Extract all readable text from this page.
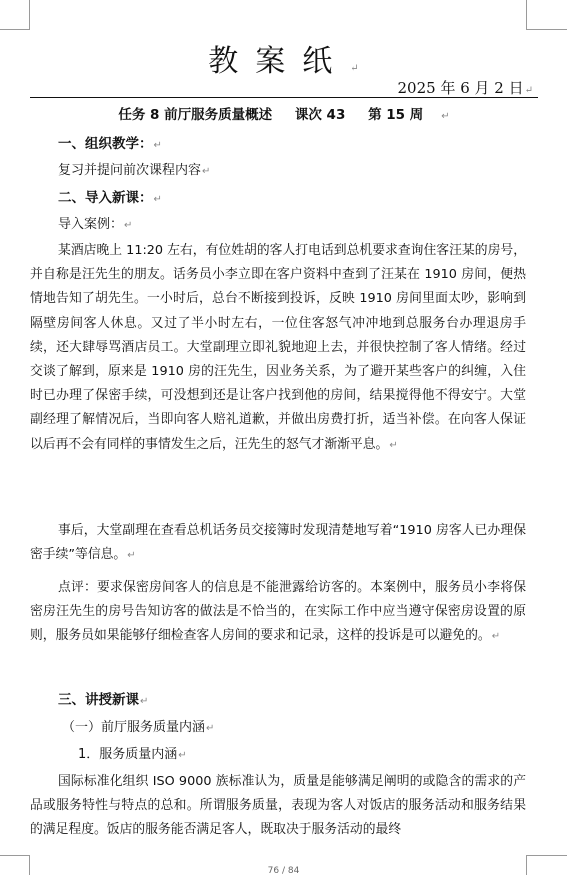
教案纸↵
2025 年 6 月 2 日↵
任务 8 前厅服务质量概述 课次 43 第 15 周 ↵
一、组织教学：↵
复习并提问前次课程内容↵
二、导入新课：↵
导入案例：↵
某酒店晚上 11:20 左右，有位姓胡的客人打电话到总机要求查询住客汪某的房号，并自称是汪先生的朋友。话务员小李立即在客户资料中查到了汪某在 1910 房间，便热情地告知了胡先生。一小时后，总台不断接到投诉，反映 1910 房间里面太吵，影响到隔壁房间客人休息。又过了半小时左右，一位住客怒气冲冲地到总服务台办理退房手续，还大肆辱骂酒店员工。大堂副理立即礼貌地迎上去，并很快控制了客人情绪。经过交谈了解到，原来是 1910 房的汪先生，因业务关系，为了避开某些客户的纠缠，入住时已办理了保密手续，可没想到还是让客户找到他的房间，结果搅得他不得安宁。大堂副经理了解情况后，当即向客人赔礼道歉，并做出房费打折，适当补偿。在向客人保证以后再不会有同样的事情发生之后，汪先生的怒气才渐渐平息。↵
事后，大堂副理在查看总机话务员交接簿时发现清楚地写着“1910 房客人已办理保密手续”等信息。↵
点评：要求保密房间客人的信息是不能泄露给访客的。本案例中，服务员小李将保密房汪先生的房号告知访客的做法是不恰当的，在实际工作中应当遵守保密房设置的原则，服务员如果能够仔细检查客人房间的要求和记录，这样的投诉是可以避免的。↵
三、讲授新课↵
（一）前厅服务质量内涵↵
1．服务质量内涵↵
国际标准化组织 ISO 9000 族标准认为，质量是能够满足阐明的或隐含的需求的产品或服务特性与特点的总和。所谓服务质量，表现为客人对饭店的服务活动和服务结果的满足程度。饭店的服务能否满足客人，既取决于服务活动的最终
76 / 84
